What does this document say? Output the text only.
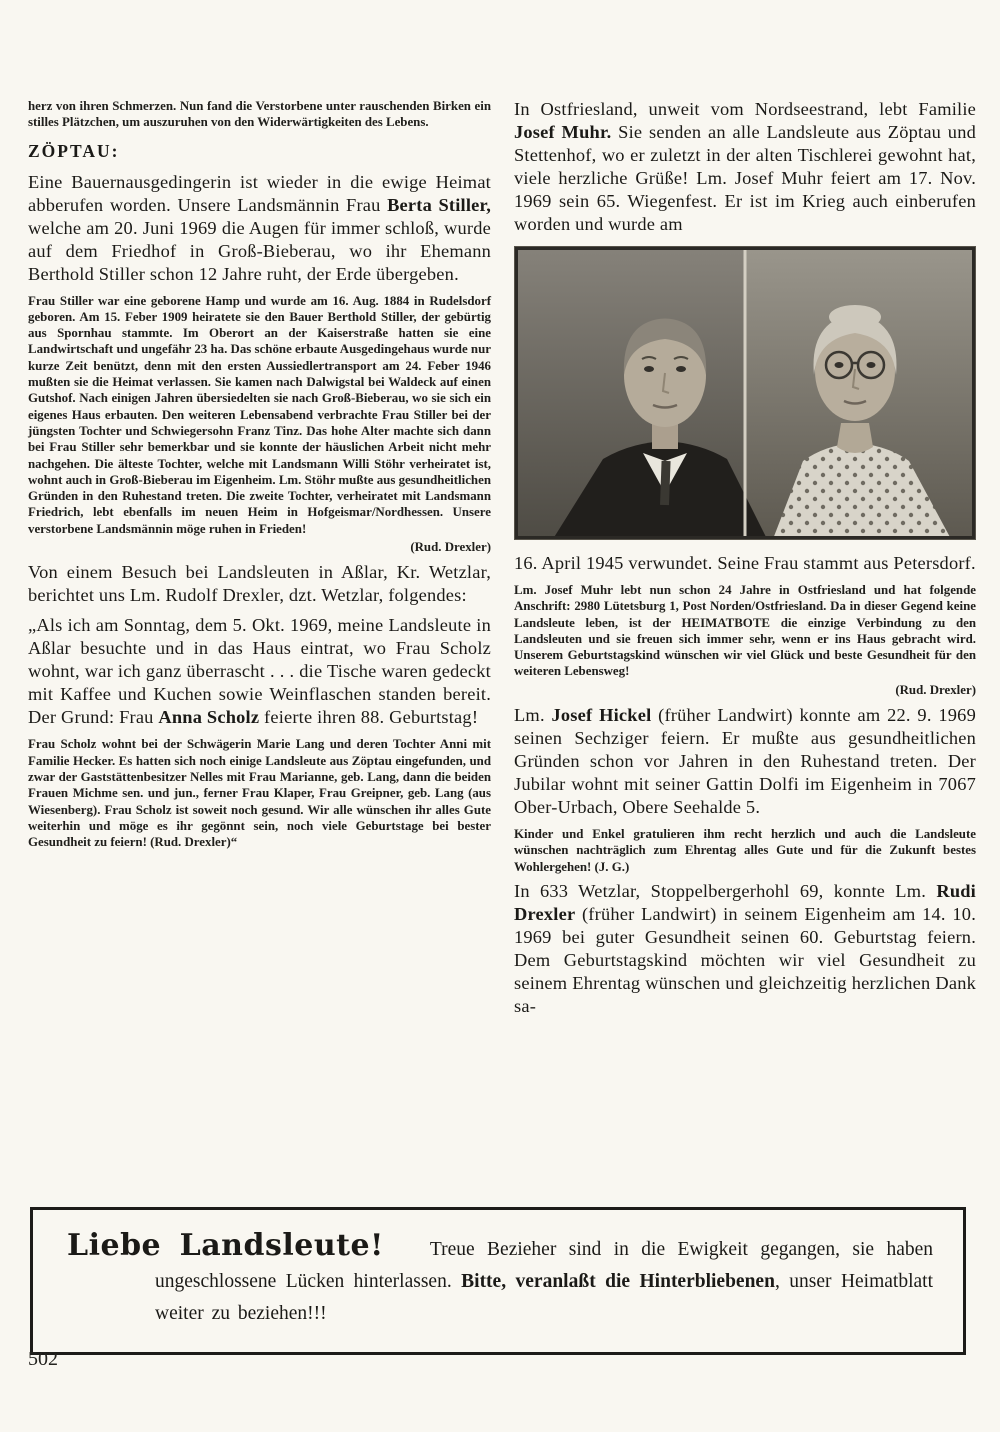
herz von ihren Schmerzen. Nun fand die Verstorbene unter rauschenden Birken ein stilles Plätzchen, um auszuruhen von den Widerwärtigkeiten des Lebens.

ZÖPTAU:

Eine Bauernausgedingerin ist wieder in die ewige Heimat abberufen worden. Unsere Landsmännin Frau Berta Stiller, welche am 20. Juni 1969 die Augen für immer schloß, wurde auf dem Friedhof in Groß-Bieberau, wo ihr Ehemann Berthold Stiller schon 12 Jahre ruht, der Erde übergeben.

Frau Stiller war eine geborene Hamp und wurde am 16. Aug. 1884 in Rudelsdorf geboren. Am 15. Feber 1909 heiratete sie den Bauer Berthold Stiller, der gebürtig aus Spornhau stammte. Im Oberort an der Kaiserstraße hatten sie eine Landwirtschaft und ungefähr 23 ha. Das schöne erbaute Ausgedingehaus wurde nur kurze Zeit benützt, denn mit den ersten Aussiedlertransport am 24. Feber 1946 mußten sie die Heimat verlassen. Sie kamen nach Dalwigstal bei Waldeck auf einen Gutshof. Nach einigen Jahren übersiedelten sie nach Groß-Bieberau, wo sie sich ein eigenes Haus erbauten. Den weiteren Lebensabend verbrachte Frau Stiller bei der jüngsten Tochter und Schwiegersohn Franz Tinz. Das hohe Alter machte sich dann bei Frau Stiller sehr bemerkbar und sie konnte der häuslichen Arbeit nicht mehr nachgehen. Die älteste Tochter, welche mit Landsmann Willi Stöhr verheiratet ist, wohnt auch in Groß-Bieberau im Eigenheim. Lm. Stöhr mußte aus gesundheitlichen Gründen in den Ruhestand treten. Die zweite Tochter, verheiratet mit Landsmann Friedrich, lebt ebenfalls im neuen Heim in Hofgeismar/Nordhessen. Unsere verstorbene Landsmännin möge ruhen in Frieden!

(Rud. Drexler)

Von einem Besuch bei Landsleuten in Aßlar, Kr. Wetzlar, berichtet uns Lm. Rudolf Drexler, dzt. Wetzlar, folgendes:

„Als ich am Sonntag, dem 5. Okt. 1969, meine Landsleute in Aßlar besuchte und in das Haus eintrat, wo Frau Scholz wohnt, war ich ganz überrascht . . . die Tische waren gedeckt mit Kaffee und Kuchen sowie Weinflaschen standen bereit. Der Grund: Frau Anna Scholz feierte ihren 88. Geburtstag!

Frau Scholz wohnt bei der Schwägerin Marie Lang und deren Tochter Anni mit Familie Hecker. Es hatten sich noch einige Landsleute aus Zöptau eingefunden, und zwar der Gaststättenbesitzer Nelles mit Frau Marianne, geb. Lang, dann die beiden Frauen Michme sen. und jun., ferner Frau Klaper, Frau Greipner, geb. Lang (aus Wiesenberg). Frau Scholz ist soweit noch gesund. Wir alle wünschen ihr alles Gute weiterhin und möge es ihr gegönnt sein, noch viele Geburtstage bei bester Gesundheit zu feiern! (Rud. Drexler)“

In Ostfriesland, unweit vom Nordseestrand, lebt Familie Josef Muhr. Sie senden an alle Landsleute aus Zöptau und Stettenhof, wo er zuletzt in der alten Tischlerei gewohnt hat, viele herzliche Grüße! Lm. Josef Muhr feiert am 17. Nov. 1969 sein 65. Wiegenfest. Er ist im Krieg auch einberufen worden und wurde am

16. April 1945 verwundet. Seine Frau stammt aus Petersdorf.

Lm. Josef Muhr lebt nun schon 24 Jahre in Ostfriesland und hat folgende Anschrift: 2980 Lütetsburg 1, Post Norden/Ostfriesland. Da in dieser Gegend keine Landsleute leben, ist der HEIMATBOTE die einzige Verbindung zu den Landsleuten und sie freuen sich immer sehr, wenn er ins Haus gebracht wird. Unserem Geburtstagskind wünschen wir viel Glück und beste Gesundheit für den weiteren Lebensweg!

(Rud. Drexler)

Lm. Josef Hickel (früher Landwirt) konnte am 22. 9. 1969 seinen Sechziger feiern. Er mußte aus gesundheitlichen Gründen schon vor Jahren in den Ruhestand treten. Der Jubilar wohnt mit seiner Gattin Dolfi im Eigenheim in 7067 Ober-Urbach, Obere Seehalde 5.

Kinder und Enkel gratulieren ihm recht herzlich und auch die Landsleute wünschen nachträglich zum Ehrentag alles Gute und für die Zukunft bestes Wohlergehen! (J. G.)

In 633 Wetzlar, Stoppelbergerhohl 69, konnte Lm. Rudi Drexler (früher Landwirt) in seinem Eigenheim am 14. 10. 1969 bei guter Gesundheit seinen 60. Geburtstag feiern. Dem Geburtstagskind möchten wir viel Gesundheit zu seinem Ehrentag wünschen und gleichzeitig herzlichen Dank sa-

Liebe Landsleute! Treue Bezieher sind in die Ewigkeit gegangen, sie haben ungeschlossene Lücken hinterlassen. Bitte, veranlaßt die Hinterbliebenen, unser Heimatblatt weiter zu beziehen!!!

502
